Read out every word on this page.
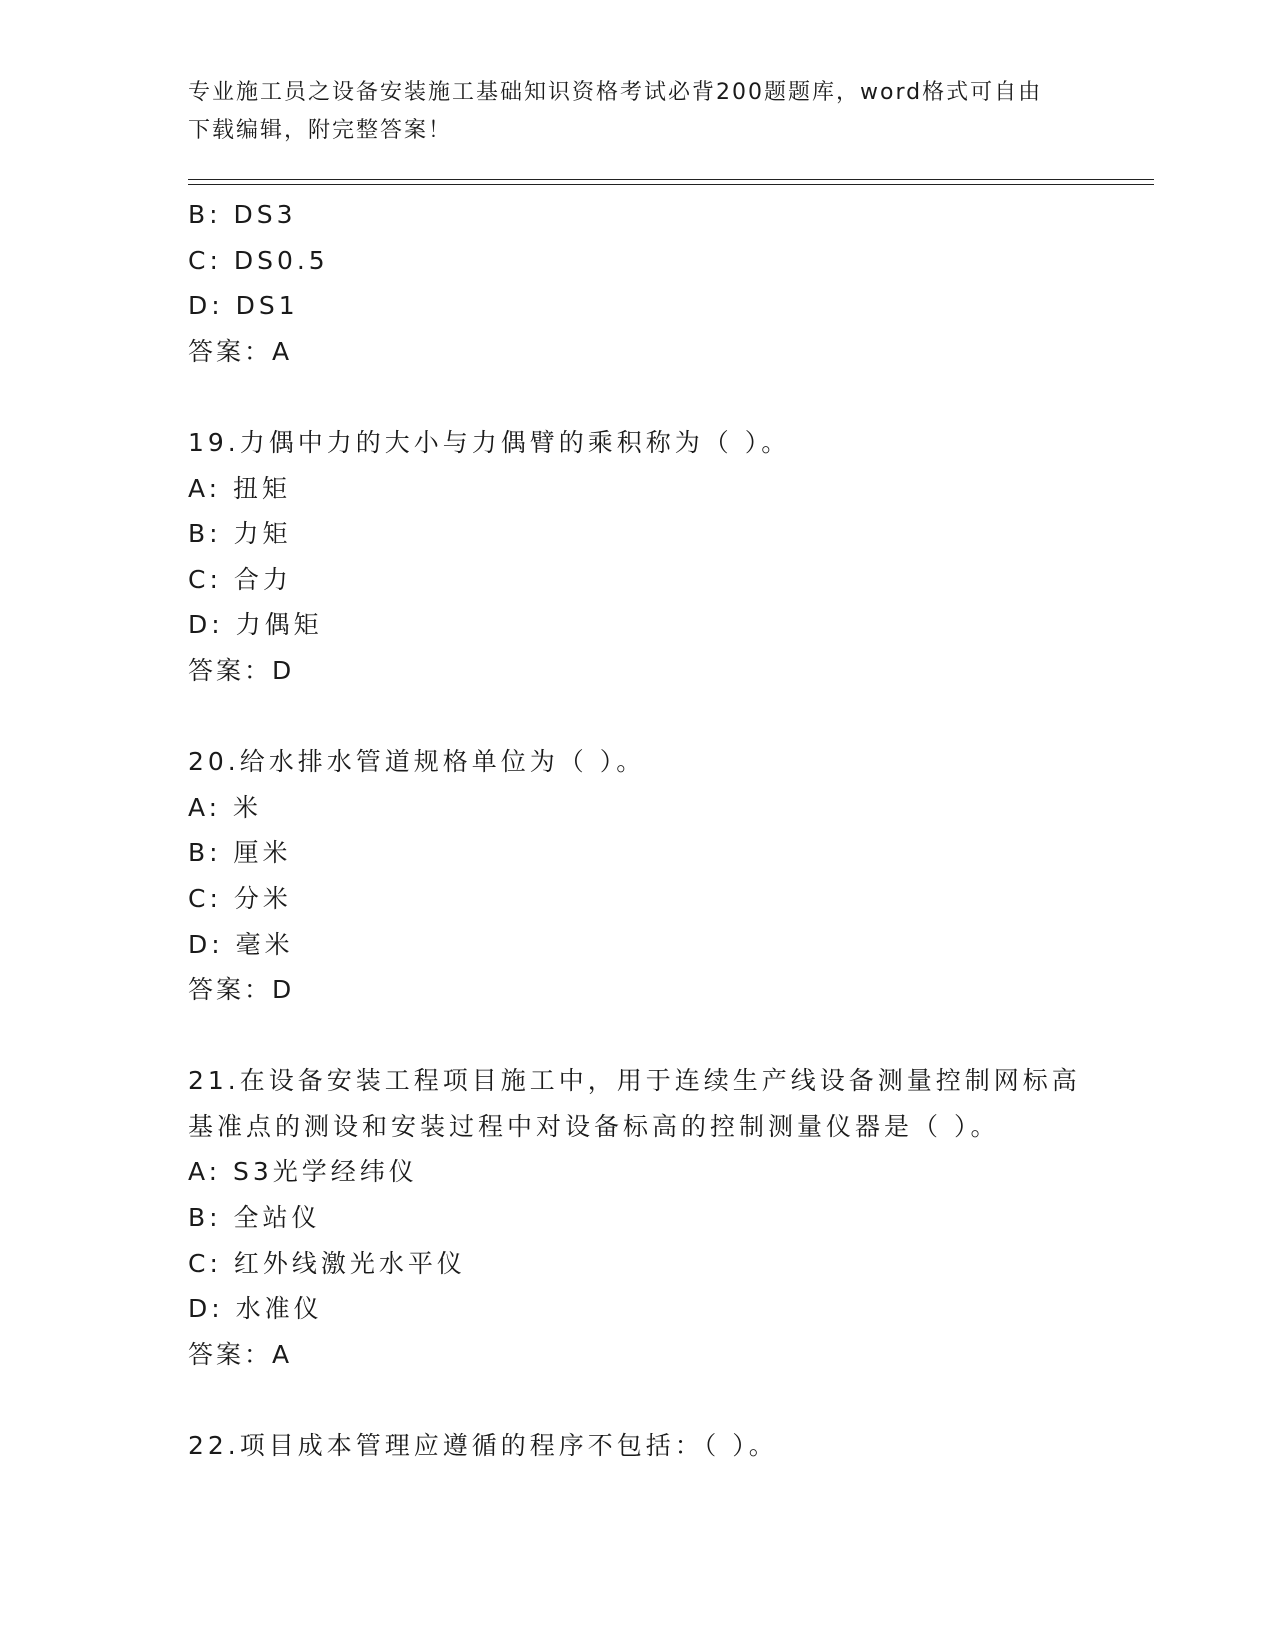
专业施工员之设备安装施工基础知识资格考试必背200题题库，word格式可自由
下载编辑，附完整答案！
B: DS3
C: DS0.5
D: DS1
答案：A
19.力偶中力的大小与力偶臂的乘积称为（ ）。
A: 扭矩
B: 力矩
C: 合力
D: 力偶矩
答案：D
20.给水排水管道规格单位为（ ）。
A: 米
B: 厘米
C: 分米
D: 毫米
答案：D
21.在设备安装工程项目施工中，用于连续生产线设备测量控制网标高
基准点的测设和安装过程中对设备标高的控制测量仪器是（ ）。
A: S3光学经纬仪
B: 全站仪
C: 红外线激光水平仪
D: 水准仪
答案：A
22.项目成本管理应遵循的程序不包括：（ ）。
